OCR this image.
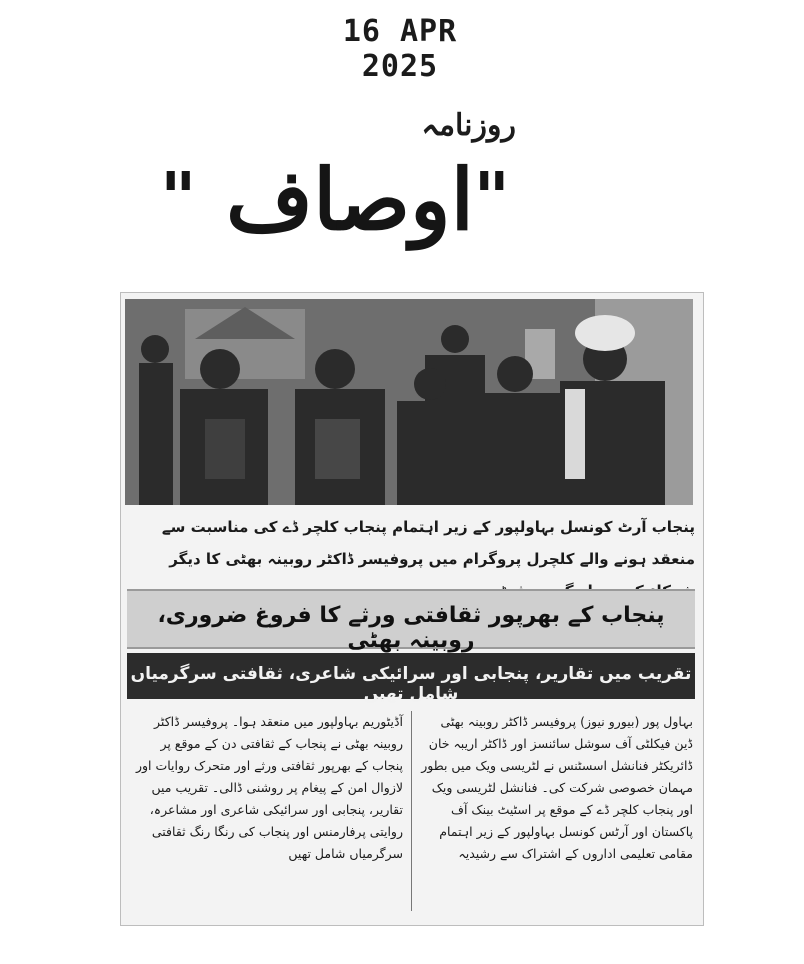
16 APR 2025
روزنامہ
" اوصاف "
پنجاب آرٹ کونسل بہاولپور کے زیر اہتمام پنجاب کلچر ڈے کی مناسبت سے منعقد ہونے والے کلچرل پروگرام میں پروفیسر ڈاکٹر روبینہ بھٹی کا دیگر
پنجاب کے بھرپور ثقافتی ورثے کا فروغ ضروری، روبینہ بھٹی
تقریب میں تقاریر، پنجابی اور سرائیکی شاعری، ثقافتی سرگرمیاں شامل تھیں
بہاول پور (بیورو نیوز) پروفیسر ڈاکٹر روبینہ بھٹی ڈین فیکلٹی آف سوشل سائنسز اور ڈاکٹر اریبہ خان ڈائریکٹر فنانشل اسسٹنس نے لٹریسی ویک میں بطور مہمان خصوصی شرکت کی۔ فنانشل لٹریسی ویک اور پنجاب کلچر ڈے کے موقع پر اسٹیٹ بینک آف پاکستان اور آرٹس کونسل بہاولپور کے زیر اہتمام مقامی تعلیمی اداروں کے اشتراک سے رشیدیہ
آڈیٹوریم بہاولپور میں منعقد ہوا۔ پروفیسر ڈاکٹر روبینہ بھٹی نے پنجاب کے ثقافتی دن کے موقع پر پنجاب کے بھرپور ثقافتی ورثے اور متحرک روایات اور لازوال امن کے پیغام پر روشنی ڈالی۔ تقریب میں تقاریر، پنجابی اور سرائیکی شاعری اور مشاعرہ، روایتی پرفارمنس اور پنجاب کی رنگا رنگ ثقافتی سرگرمیاں شامل تھیں
